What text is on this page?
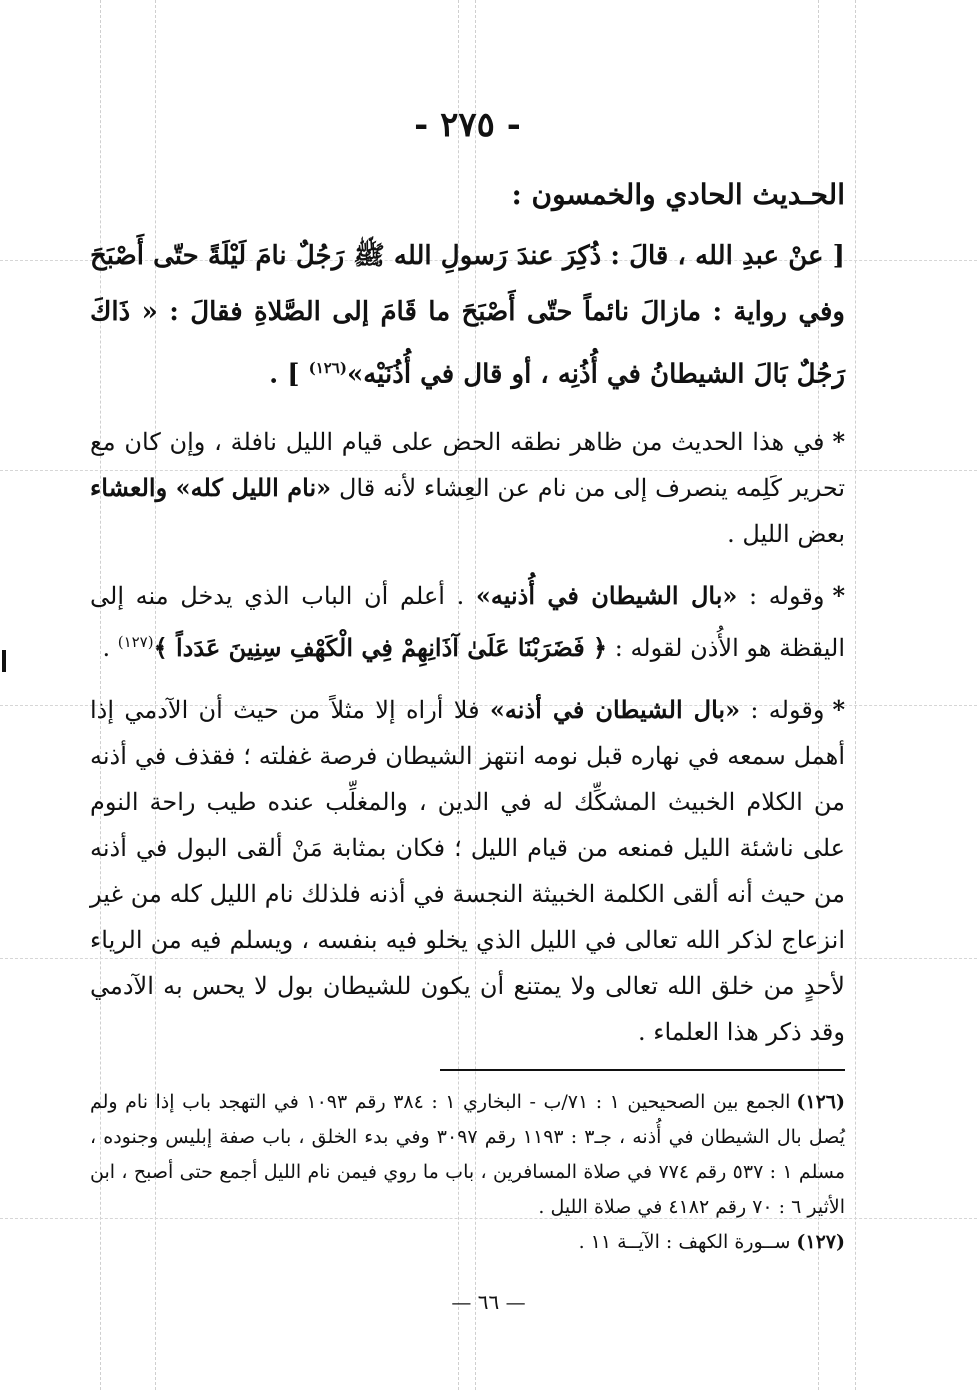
- ٢٧٥ -
الحـديث الحادي والخمسون :

[ عنْ عبدِ الله ، قالَ : ذُكِرَ عندَ رَسولِ الله ﷺ رَجُلٌ نامَ لَيْلَةً حتّى أَصْبَحَ وفي رواية : مازالَ نائماً حتّى أَصْبَحَ ما قَامَ إلى الصَّلاةِ فقالَ : « ذَاكَ رَجُلٌ بَالَ الشيطانُ في أُذُنِه ، أو قال في أُذُنَيْه»$^{(١٢٦)}$ ] .

*في هذا الحديث من ظاهر نطقه الحض على قيام الليل نافلة ، وإن كان مع تحرير كَلِمه ينصرف إلى من نام عن العِشاء لأنه قال «نام الليل كله» والعشاء بعض الليل .

*وقوله : «بال الشيطان في أُذنيه» . أعلم أن الباب الذي يدخل منه إلى اليقظة هو الأُذن لقوله : ﴿ فَضَرَبْنَا عَلَىٰ آذَانِهِمْ فِي الْكَهْفِ سِنِينَ عَدَداً ﴾$^{(١٢٧)}$ .

*وقوله : «بال الشيطان في أذنه» فلا أراه إلا مثلاً من حيث أن الآدمي إذا أهمل سمعه في نهاره قبل نومه انتهز الشيطان فرصة غفلته ؛ فقذف في أذنه من الكلام الخبيث المشكِّك له في الدين ، والمغلِّب عنده طيب راحة النوم على ناشئة الليل فمنعه من قيام الليل ؛ فكان بمثابة مَنْ ألقى البول في أذنه من حيث أنه ألقى الكلمة الخبيثة النجسة في أذنه فلذلك نام الليل كله من غير انزعاج لذكر الله تعالى في الليل الذي يخلو فيه بنفسه ، ويسلم فيه من الرياء لأحدٍ من خلق الله تعالى ولا يمتنع أن يكون للشيطان بول لا يحس به الآدمي وقد ذكر هذا العلماء .

(١٢٦)الجمع بين الصحيحين ١ : ٧١/ب - البخاري ١ : ٣٨٤ رقم ١٠٩٣ في التهجد باب إذا نام ولم يُصل بال الشيطان في أُذنه ، جـ٣ : ١١٩٣ رقم ٣٠٩٧ وفي بدء الخلق ، باب صفة إبليس وجنوده ، مسلم ١ : ٥٣٧ رقم ٧٧٤ في صلاة المسافرين ، باب ما روي فيمن نام الليل أجمع حتى أصبح ، ابن الأثير ٦ : ٧٠ رقم ٤١٨٢ في صلاة الليل .

(١٢٧)ســورة الكهف : الآيــة ١١ .

— ٦٦ —
